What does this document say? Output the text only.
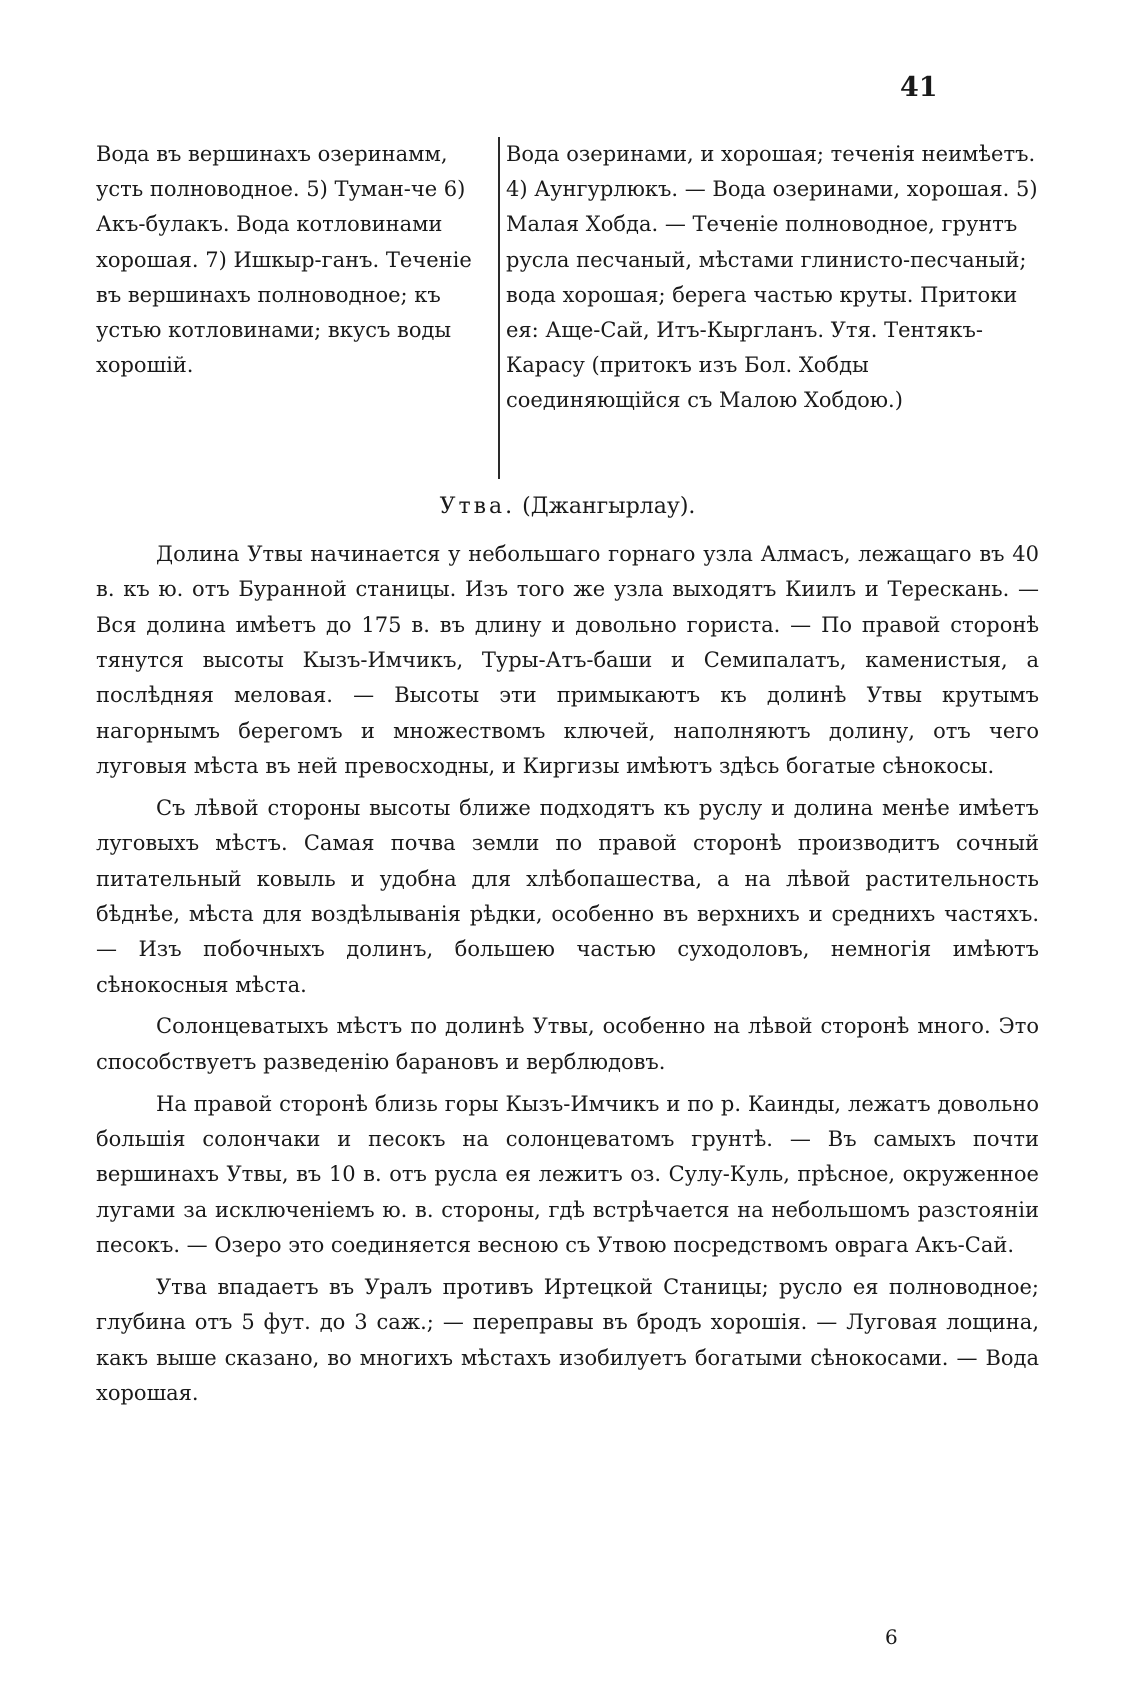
41
Вода въ вершинахъ озеринамм, усть полноводное. 5) Туман-че 6) Акъ-булакъ. Вода котловинами хорошая. 7) Ишкыр-ганъ. Теченіе въ вершинахъ полноводное; къ устью котловинами; вкусъ воды хорошій.
Вода озеринами, и хорошая; теченія неимѣетъ. 4) Аунгурлюкъ. — Вода озеринами, хорошая. 5) Малая Хобда. — Теченіе полноводное, грунтъ русла песчаный, мѣстами глинисто-песчаный; вода хорошая; берега частью круты. Притоки ея: Аще-Сай, Итъ-Кыргланъ. Утя. Тентякъ-Карасу (притокъ изъ Бол. Хобды соединяющійся съ Малою Хобдою.)
Утва. (Джангырлау).

Долина Утвы начинается у небольшаго горнаго узла Алмасъ, лежащаго въ 40 в. къ ю. отъ Буранной станицы. Изъ того же узла выходятъ Киилъ и Терескань. — Вся долина имѣетъ до 175 в. въ длину и довольно гориста. — По правой сторонѣ тянутся высоты Кызъ-Имчикъ, Туры-Атъ-баши и Семипалатъ, каменистыя, а послѣдняя меловая. — Высоты эти примыкаютъ къ долинѣ Утвы крутымъ нагорнымъ берегомъ и множествомъ ключей, наполняютъ долину, отъ чего луговыя мѣста въ ней превосходны, и Киргизы имѣютъ здѣсь богатые сѣнокосы.

Съ лѣвой стороны высоты ближе подходятъ къ руслу и долина менѣе имѣетъ луговыхъ мѣстъ. Самая почва земли по правой сторонѣ производитъ сочный питательный ковыль и удобна для хлѣбопашества, а на лѣвой растительность бѣднѣе, мѣста для воздѣлыванія рѣдки, особенно въ верхнихъ и среднихъ частяхъ. — Изъ побочныхъ долинъ, большею частью суходоловъ, немногія имѣютъ сѣнокосныя мѣста.

Солонцеватыхъ мѣстъ по долинѣ Утвы, особенно на лѣвой сторонѣ много. Это способствуетъ разведенію барановъ и верблюдовъ.

На правой сторонѣ близь горы Кызъ-Имчикъ и по р. Каинды, лежатъ довольно большія солончаки и песокъ на солонцеватомъ грунтѣ. — Въ самыхъ почти вершинахъ Утвы, въ 10 в. отъ русла ея лежитъ оз. Сулу-Куль, прѣсное, окруженное лугами за исключеніемъ ю. в. стороны, гдѣ встрѣчается на небольшомъ разстояніи песокъ. — Озеро это соединяется весною съ Утвою посредствомъ оврага Акъ-Сай.

Утва впадаетъ въ Уралъ противъ Иртецкой Станицы; русло ея полноводное; глубина отъ 5 фут. до 3 саж.; — переправы въ бродъ хорошія. — Луговая лощина, какъ выше сказано, во многихъ мѣстахъ изобилуетъ богатыми сѣнокосами. — Вода хорошая.

6
